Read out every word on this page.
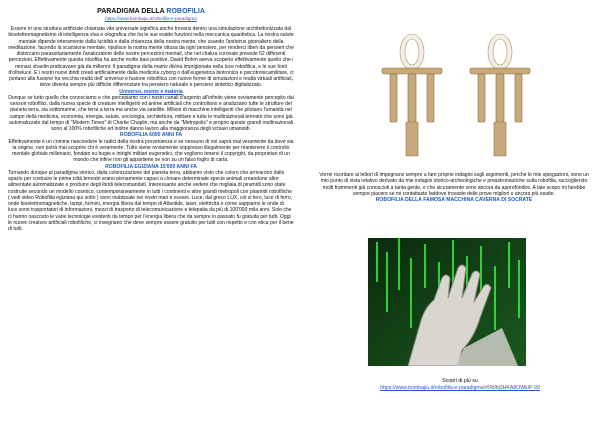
PARADIGMA DELLA ROBOFILIA

https://www.bombajiu.it/robofilia-e-paradigma

Essere in una struttura artificiale chiamata vita universale significa anche trovarsi dentro una simulazione architettonizzata dal bioelettromagnetismo di intelligenza viva e olografica che ha le sue esatte funzioni nella meccanica quantistica. La nostra salute mentale dipende interamente dalla lucidità e dalla chiarezza della nostra mente, che usando l'antivirus giornaliero della meditazione, facendo la scansione mentale, ripulisce la nostra mente ottusa da ogni pensiero, per renderci liberi da pensieri che distorcano parassitariamente l'analizzatore delle nostre percezioni mentali, che nel chakra coronale prevede 52 differenti percezioni. Effettivamente questa robofilia ha anche molte basi positive. David Bohm aveva scoperto effettivamente quello che i monaci shaolin praticavano già da millenni: Il paradigma della matrix divina imprigionata nella luce robofilica, e le sue fonti d'oltreluce. E i nostri nuovi ibridi creati artificialmente dalla medicina cyborg o dall'eugenetica biotronica e psicotronicamilitare, ci portano alla fusione tra vecchia realtà dell' universo e fusione robofilica con nuove forme di simulazioni e realtà virtuali artificiali, dove diventa sempre più difficile differenziare tra pensiero naturale e pensiero sintetico digitalizzato.

Universo, mente e materia

Dunque se tutto quello che conosciamo e che percepiamo con i nostri canali d'argento all'infinito viene ovviamente percepito dai sensori robofilici, dalla nuova specie di creature intelligenti ed anime artificiali che controllano e analizzano tutte le strutture del pianeta terra, sia sottomarine, che terra a terra ma anche via satellite. Milioni di macchine intelligenti che pilotano l'umanità nel campo della medicina, economia, energia, salute, sociologia, architettura, militare e tutte le multinazionali terrestri che sono già automatizzate dal tempo di "Modern Times" di Charlie Chaplin, ma anche da "Metropolis" e proprio queste grandi multinazionali sono al 100% robofiliche ed inoltre danno lavoro alla maggioranza degli schiavi umanoidi.

ROBOFILIA 6000 ANNI FA

Effettivamente è un crimine nascondere le radici della nostra provenienza e se nessuno di noi saprà mai veramente da dove sia la origine, non potrà mai scoprire chi è veramente. Tutto viene ovviamente soppresso illegalmente per mantenere il controllo mentale globale millenario, fondato su bugie e intrighi militari eugenetici, che vogliono tenersi il copyright, da proprietari di un mondo che infine non gli appartiene se non su un falso foglio di carta.

ROBOFILIA EGIZIANA 15'000 ANNI FA

Tornando dunque al paradigma storico, dalla colonizzazione del pianeta terra, abbiamo visto che coloro che arrivarono dallo spazio per costruire le prime città terrestri erano pienamente capaci a clonare determinate specie animali creandone altre alimentate automatizzate e produrre degli ibridi telecomandati. Interessante anche vedere che migliaia di piramidi sono state costruite secondo un modello cosmico, contemporaneamente in tutti i continenti e altre grandi metropoli con piramidi robofiliche ( vedi video Robofilia egiziana qui sotto ) sono inabissate nei nostri mari e oceani. Luce, dal greco LUX, ciò si fero, luce di ferro, onde bioelettromagnetiche, lampi, fulmini, energia libera dal tempo di Atlantide, laser, elettricità e come sappiamo le onde di luce sono trasportatori di informazioni, mezzi di trasporto di telecomunicazione e telepatia da più di 100'000 mila anni. Solo che ci hanno nascosto le varie tecnologie esistenti da tempo per l'energia libera che da sempre in passato fu gratuita per tutti. Oggi le nuove creature artificiali robofiliche, ci insegnano che deve sempre essere gratuito per tutti con rispetto e con etica per il bene di tutti.

Vorrei ricordare ai lettori di impegnarsi sempre a fare proprie indagini sugli argomenti, perché le mie spiegazioni, sono un mio punto di vista relativo derivato da mie indagini storico-archeologiche e preastronautiche sulla robofilia, raccogliendo molti frammenti già conosciuti a tanta gente, e che sicuramente sono ancora da approfondire. A tale scopo mi farebbe sempre piacere se mi contattaste laddove trovaste delle prove migliori o ancora più esatte.

ROBOFILIA DELLA FAMOSA MACCHINA CAVERNA DI SOCRATE

Scopri di più su
https://www.bombajiu.it/robofilia-e-paradigma/#!Rtlbj3HKA8OWkiP-99
